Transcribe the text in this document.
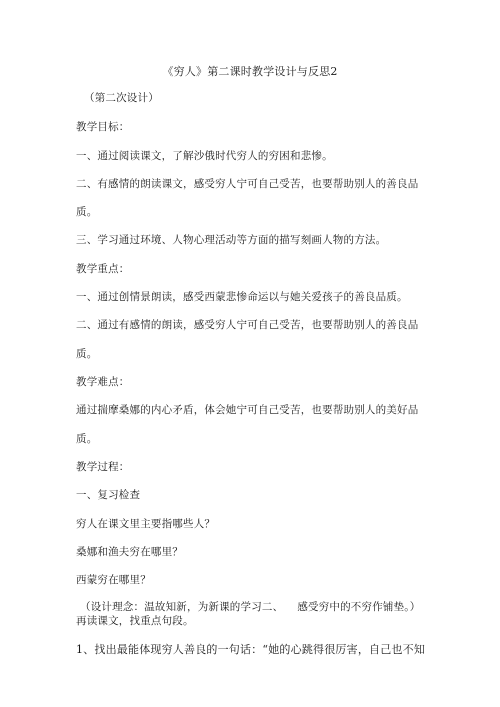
《穷人》第二课时教学设计与反思2
（第二次设计）
教学目标：
一、通过阅读课文，了解沙俄时代穷人的穷困和悲惨。
二、有感情的朗读课文，感受穷人宁可自己受苦，也要帮助别人的善良品
质。
三、学习通过环境、人物心理活动等方面的描写刻画人物的方法。
教学重点：
一、通过创情景朗读，感受西蒙悲惨命运以与她关爱孩子的善良品质。
二、通过有感情的朗读，感受穷人宁可自己受苦，也要帮助别人的善良品
质。
教学难点：
通过揣摩桑娜的内心矛盾，体会她宁可自己受苦，也要帮助别人的美好品
质。
教学过程：
一、复习检查
穷人在课文里主要指哪些人？
桑娜和渔夫穷在哪里？
西蒙穷在哪里？
（设计理念：温故知新，为新课的学习二、 感受穷中的不穷作铺垫。）
再读课文，找重点句段。
1、找出最能体现穷人善良的一句话：“她的心跳得很厉害，自己也不知
